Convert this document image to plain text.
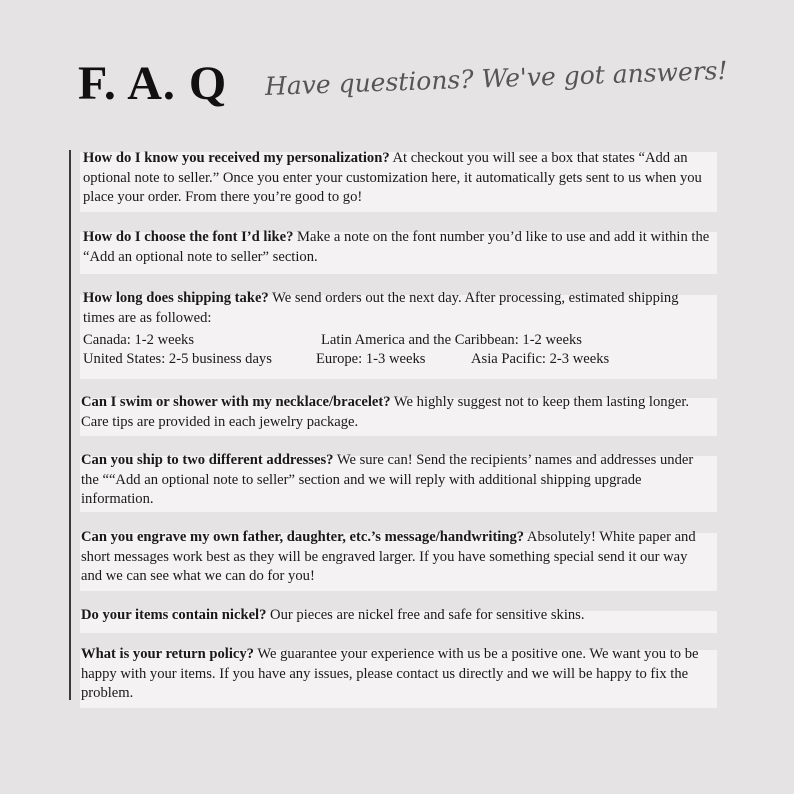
F. A. Q Have questions? We've got answers!
How do I know you received my personalization? At checkout you will see a box that states “Add an optional note to seller.” Once you enter your customization here, it automatically gets sent to us when you place your order. From there you’re good to go!
How do I choose the font I’d like? Make a note on the font number you’d like to use and add it within the “Add an optional note to seller” section.
How long does shipping take? We send orders out the next day. After processing, estimated shipping times are as followed:
Canada: 1-2 weeks	Latin America and the Caribbean: 1-2 weeks
United States: 2-5 business days	Europe: 1-3 weeks	Asia Pacific: 2-3 weeks
Can I swim or shower with my necklace/bracelet? We highly suggest not to keep them lasting longer. Care tips are provided in each jewelry package.
Can you ship to two different addresses? We sure can! Send the recipients’ names and addresses under the ““Add an optional note to seller” section and we will reply with additional shipping upgrade information.
Can you engrave my own father, daughter, etc.’s message/handwriting? Absolutely! White paper and short messages work best as they will be engraved larger. If you have something special send it our way and we can see what we can do for you!
Do your items contain nickel? Our pieces are nickel free and safe for sensitive skins.
What is your return policy? We guarantee your experience with us be a positive one. We want you to be happy with your items. If you have any issues, please contact us directly and we will be happy to fix the problem.
